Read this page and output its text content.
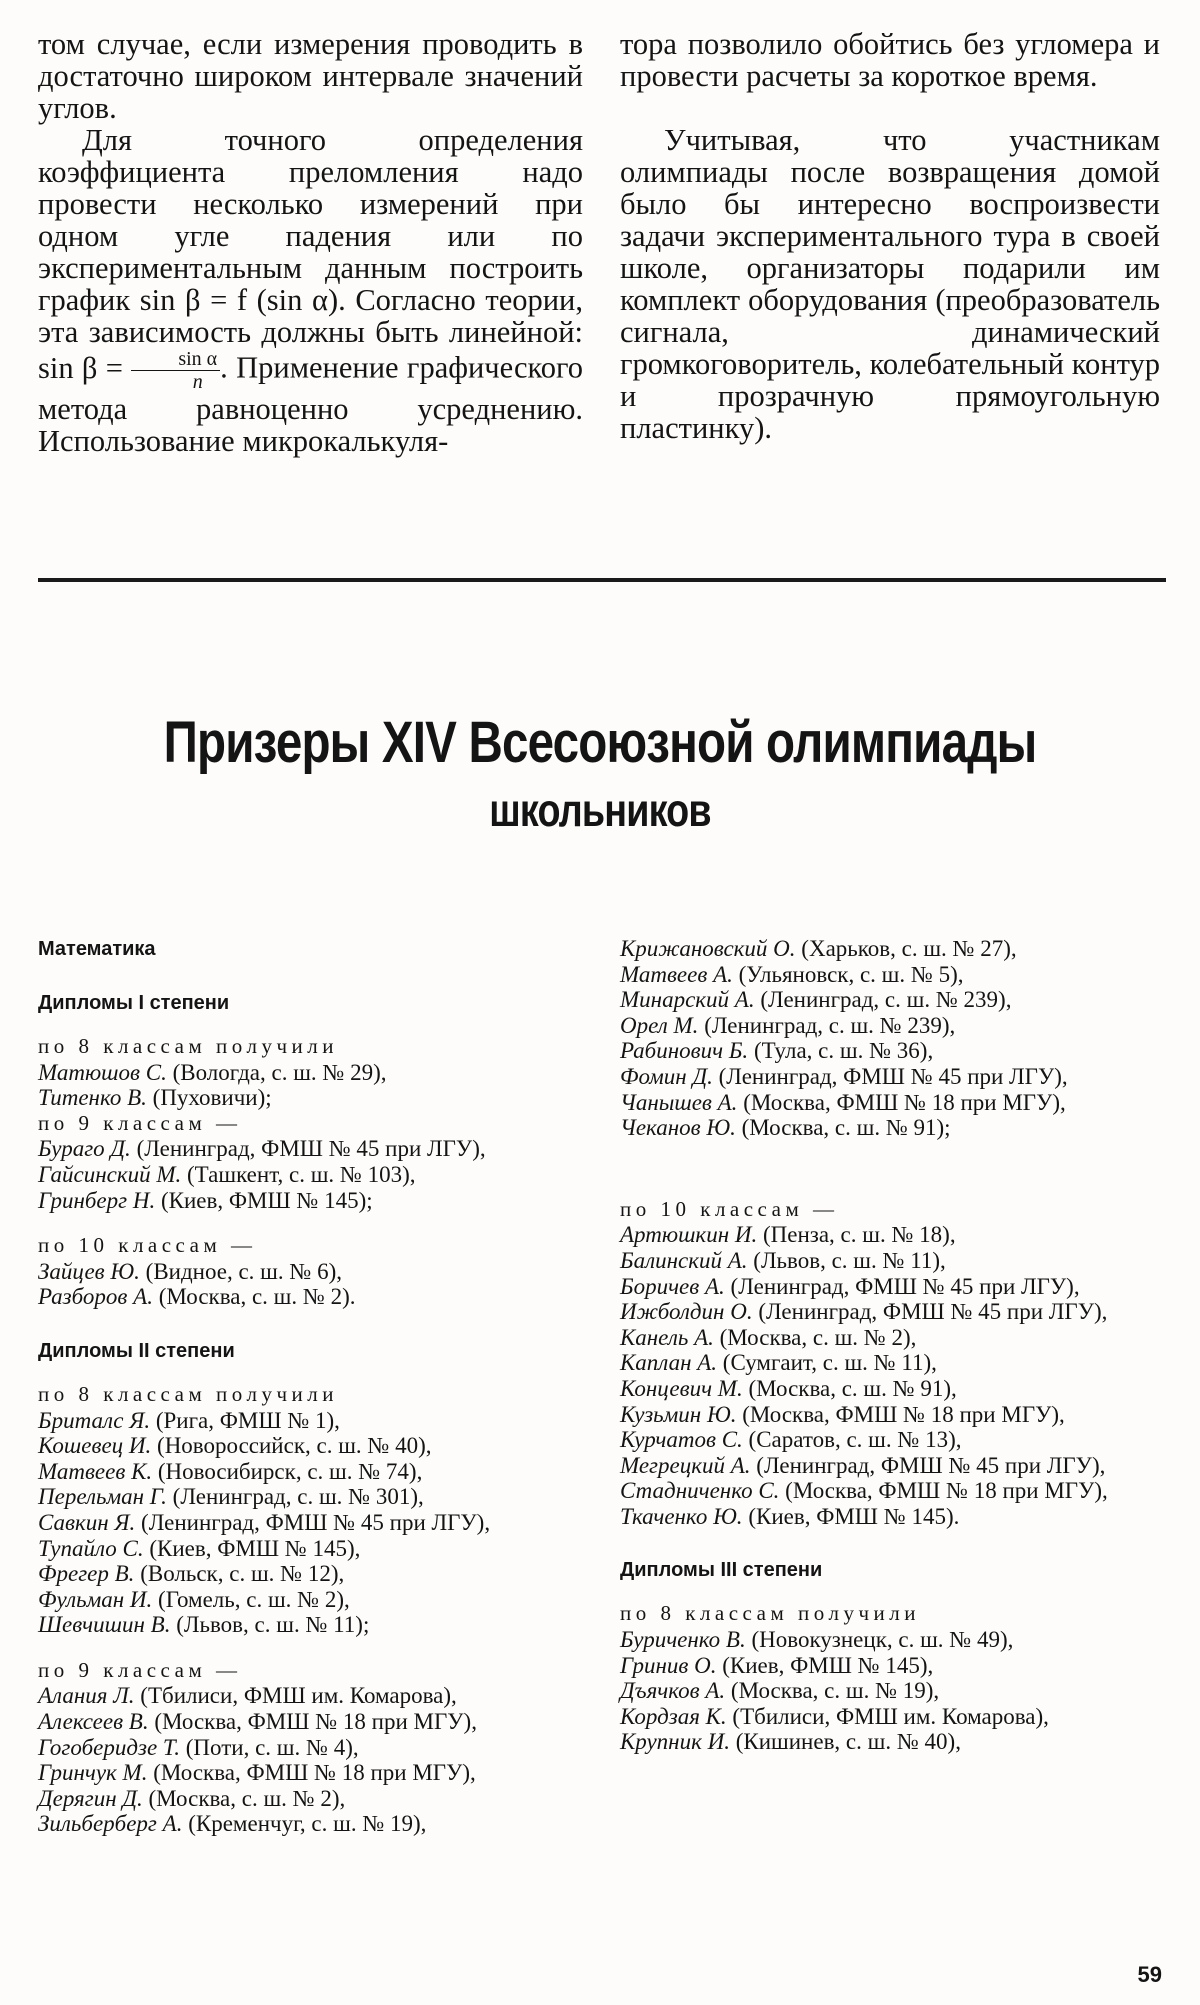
том случае, если измерения проводить в достаточно широком интервале значений углов.

Для точного определения коэффициента преломления надо провести несколько измерений при одном угле падения или по экспериментальным данным построить график sin β = f (sin α). Согласно теории, эта зависимость должны быть линейной: $\sin \beta = \frac{\text{sin α}}{n}$ . Применение графического метода равноценно усреднению. Использование микрокалькуля-

тора позволило обойтись без угломера и провести расчеты за короткое время.

Учитывая, что участникам олимпиады после возвращения домой было бы интересно воспроизвести задачи экспериментального тура в своей школе, организаторы подарили им комплект оборудования (преобразователь сигнала, динамический громкоговоритель, колебательный контур и прозрачную прямоугольную пластинку).

Призеры XIV Всесоюзной олимпиады
школьников
Математика
Дипломы I степени
по 8 классам получили
Матюшов С. (Вологда, с. ш. № 29),
Титенко В. (Пуховичи);
по 9 классам —
Бураго Д. (Ленинград, ФМШ № 45 при ЛГУ),
Гайсинский М. (Ташкент, с. ш. № 103),
Гринберг Н. (Киев, ФМШ № 145);
по 10 классам —
Зайцев Ю. (Видное, с. ш. № 6),
Разборов А. (Москва, с. ш. № 2).
Дипломы II степени
по 8 классам получили
Бриталс Я. (Рига, ФМШ № 1),
Кошевец И. (Новороссийск, с. ш. № 40),
Матвеев К. (Новосибирск, с. ш. № 74),
Перельман Г. (Ленинград, с. ш. № 301),
Савкин Я. (Ленинград, ФМШ № 45 при ЛГУ),
Тупайло С. (Киев, ФМШ № 145),
Фрегер В. (Вольск, с. ш. № 12),
Фульман И. (Гомель, с. ш. № 2),
Шевчишин В. (Львов, с. ш. № 11);
по 9 классам —
Алания Л. (Тбилиси, ФМШ им. Комарова),
Алексеев В. (Москва, ФМШ № 18 при МГУ),
Гогоберидзе Т. (Поти, с. ш. № 4),
Гринчук М. (Москва, ФМШ № 18 при МГУ),
Дерягин Д. (Москва, с. ш. № 2),
Зильберберг А. (Кременчуг, с. ш. № 19),
Крижановский О. (Харьков, с. ш. № 27),
Матвеев А. (Ульяновск, с. ш. № 5),
Минарский А. (Ленинград, с. ш. № 239),
Орел М. (Ленинград, с. ш. № 239),
Рабинович Б. (Тула, с. ш. № 36),
Фомин Д. (Ленинград, ФМШ № 45 при ЛГУ),
Чанышев А. (Москва, ФМШ № 18 при МГУ),
Чеканов Ю. (Москва, с. ш. № 91);
по 10 классам —
Артюшкин И. (Пенза, с. ш. № 18),
Балинский А. (Львов, с. ш. № 11),
Боричев А. (Ленинград, ФМШ № 45 при ЛГУ),
Ижболдин О. (Ленинград, ФМШ № 45 при ЛГУ),
Канель А. (Москва, с. ш. № 2),
Каплан А. (Сумгаит, с. ш. № 11),
Концевич М. (Москва, с. ш. № 91),
Кузьмин Ю. (Москва, ФМШ № 18 при МГУ),
Курчатов С. (Саратов, с. ш. № 13),
Мегрецкий А. (Ленинград, ФМШ № 45 при ЛГУ),
Стадниченко С. (Москва, ФМШ № 18 при МГУ),
Ткаченко Ю. (Киев, ФМШ № 145).
Дипломы III степени
по 8 классам получили
Буриченко В. (Новокузнецк, с. ш. № 49),
Гринив О. (Киев, ФМШ № 145),
Дъячков А. (Москва, с. ш. № 19),
Кордзая К. (Тбилиси, ФМШ им. Комарова),
Крупник И. (Кишинев, с. ш. № 40),
59
